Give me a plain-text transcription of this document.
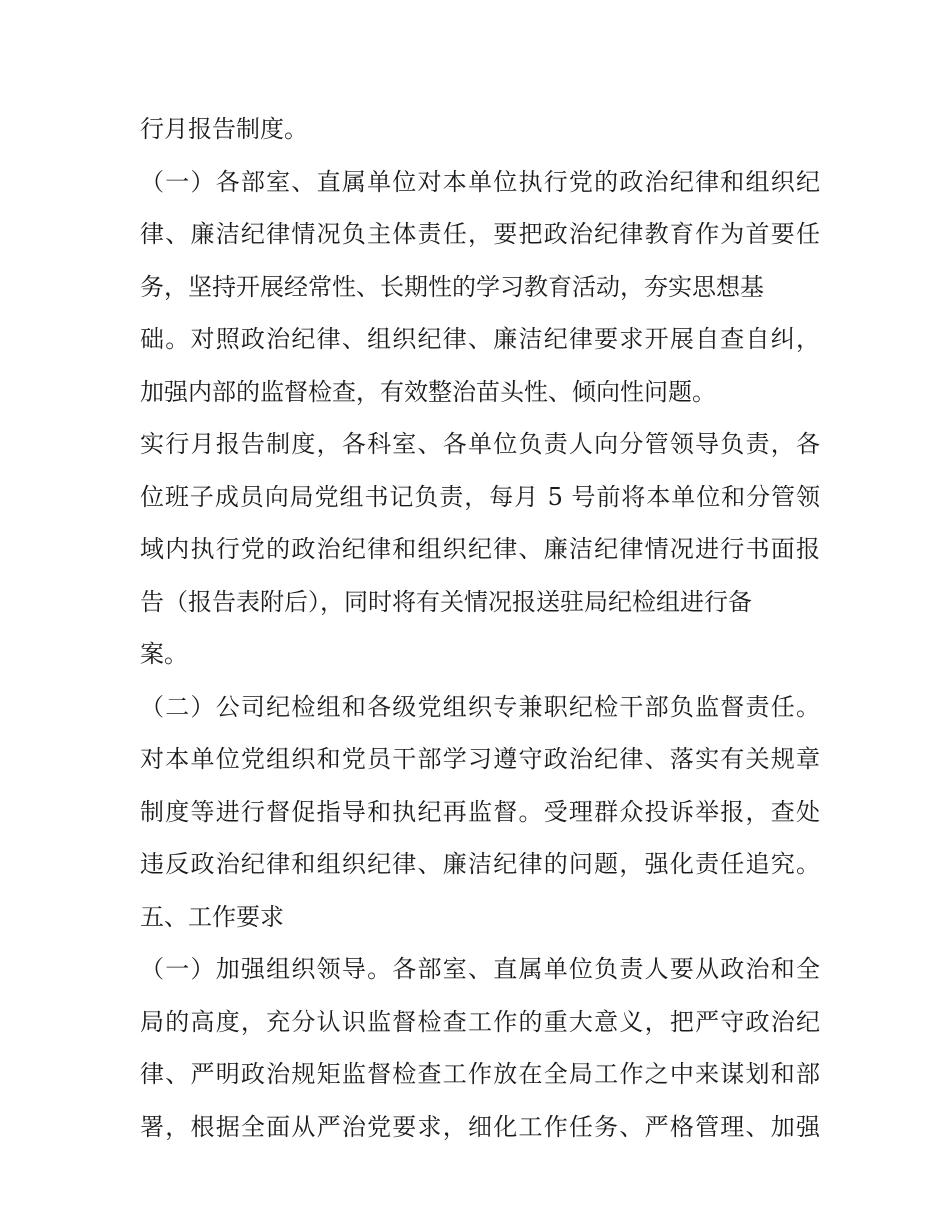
行月报告制度。
（一）各部室、直属单位对本单位执行党的政治纪律和组织纪
律、廉洁纪律情况负主体责任，要把政治纪律教育作为首要任
务，坚持开展经常性、长期性的学习教育活动，夯实思想基
础。对照政治纪律、组织纪律、廉洁纪律要求开展自查自纠，
加强内部的监督检查，有效整治苗头性、倾向性问题。
实行月报告制度，各科室、各单位负责人向分管领导负责，各
位班子成员向局党组书记负责，每月 5 号前将本单位和分管领
域内执行党的政治纪律和组织纪律、廉洁纪律情况进行书面报
告（报告表附后），同时将有关情况报送驻局纪检组进行备
案。
（二）公司纪检组和各级党组织专兼职纪检干部负监督责任。
对本单位党组织和党员干部学习遵守政治纪律、落实有关规章
制度等进行督促指导和执纪再监督。受理群众投诉举报，查处
违反政治纪律和组织纪律、廉洁纪律的问题，强化责任追究。
五、工作要求
（一）加强组织领导。各部室、直属单位负责人要从政治和全
局的高度，充分认识监督检查工作的重大意义，把严守政治纪
律、严明政治规矩监督检查工作放在全局工作之中来谋划和部
署，根据全面从严治党要求，细化工作任务、严格管理、加强
